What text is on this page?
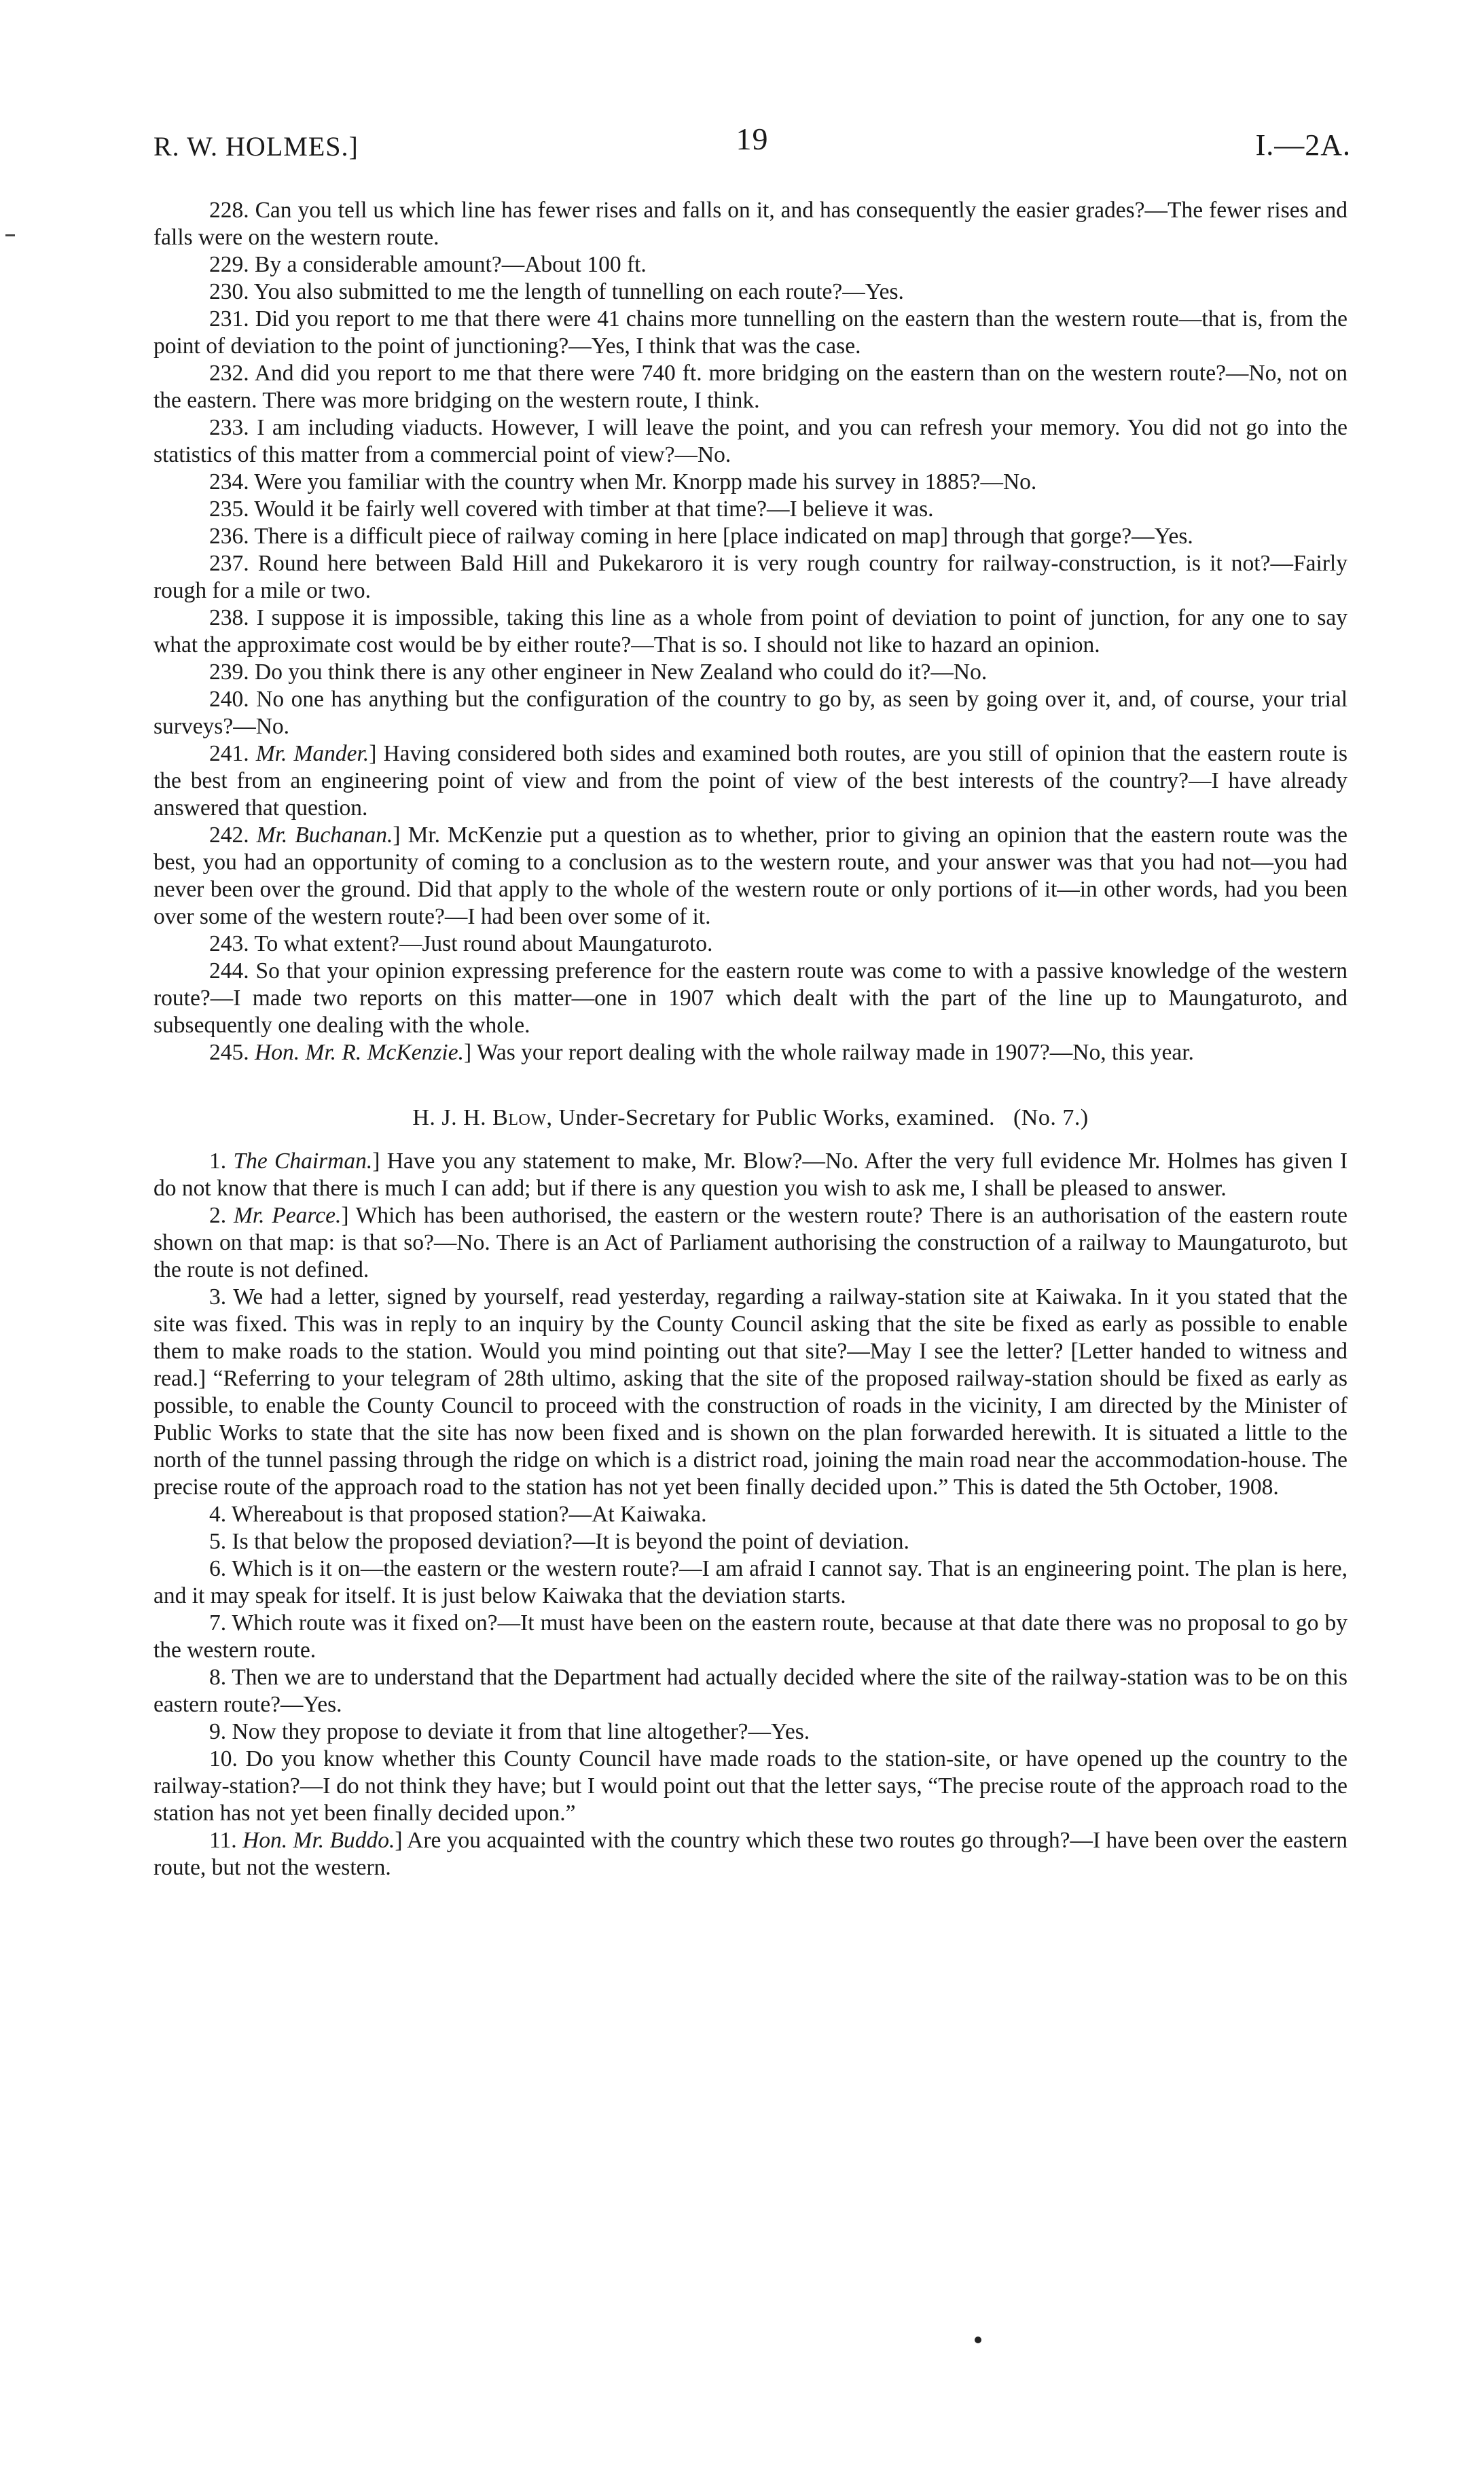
R. W. HOLMES.]	19	I.—2A.

228. Can you tell us which line has fewer rises and falls on it, and has consequently the easier grades?—The fewer rises and falls were on the western route.

229. By a considerable amount?—About 100 ft.

230. You also submitted to me the length of tunnelling on each route?—Yes.

231. Did you report to me that there were 41 chains more tunnelling on the eastern than the western route—that is, from the point of deviation to the point of junctioning?—Yes, I think that was the case.

232. And did you report to me that there were 740 ft. more bridging on the eastern than on the western route?—No, not on the eastern. There was more bridging on the western route, I think.

233. I am including viaducts. However, I will leave the point, and you can refresh your memory. You did not go into the statistics of this matter from a commercial point of view?—No.

234. Were you familiar with the country when Mr. Knorpp made his survey in 1885?—No.

235. Would it be fairly well covered with timber at that time?—I believe it was.

236. There is a difficult piece of railway coming in here [place indicated on map] through that gorge?—Yes.

237. Round here between Bald Hill and Pukekaroro it is very rough country for railway-construction, is it not?—Fairly rough for a mile or two.

238. I suppose it is impossible, taking this line as a whole from point of deviation to point of junction, for any one to say what the approximate cost would be by either route?—That is so. I should not like to hazard an opinion.

239. Do you think there is any other engineer in New Zealand who could do it?—No.

240. No one has anything but the configuration of the country to go by, as seen by going over it, and, of course, your trial surveys?—No.

241. Mr. Mander.] Having considered both sides and examined both routes, are you still of opinion that the eastern route is the best from an engineering point of view and from the point of view of the best interests of the country?—I have already answered that question.

242. Mr. Buchanan.] Mr. McKenzie put a question as to whether, prior to giving an opinion that the eastern route was the best, you had an opportunity of coming to a conclusion as to the western route, and your answer was that you had not—you had never been over the ground. Did that apply to the whole of the western route or only portions of it—in other words, had you been over some of the western route?—I had been over some of it.

243. To what extent?—Just round about Maungaturoto.

244. So that your opinion expressing preference for the eastern route was come to with a passive knowledge of the western route?—I made two reports on this matter—one in 1907 which dealt with the part of the line up to Maungaturoto, and subsequently one dealing with the whole.

245. Hon. Mr. R. McKenzie.] Was your report dealing with the whole railway made in 1907?—No, this year.

H. J. H. Blow, Under-Secretary for Public Works, examined. (No. 7.)

1. The Chairman.] Have you any statement to make, Mr. Blow?—No. After the very full evidence Mr. Holmes has given I do not know that there is much I can add; but if there is any question you wish to ask me, I shall be pleased to answer.

2. Mr. Pearce.] Which has been authorised, the eastern or the western route? There is an authorisation of the eastern route shown on that map: is that so?—No. There is an Act of Parliament authorising the construction of a railway to Maungaturoto, but the route is not defined.

3. We had a letter, signed by yourself, read yesterday, regarding a railway-station site at Kaiwaka. In it you stated that the site was fixed. This was in reply to an inquiry by the County Council asking that the site be fixed as early as possible to enable them to make roads to the station. Would you mind pointing out that site?—May I see the letter? [Letter handed to witness and read.] “Referring to your telegram of 28th ultimo, asking that the site of the proposed railway-station should be fixed as early as possible, to enable the County Council to proceed with the construction of roads in the vicinity, I am directed by the Minister of Public Works to state that the site has now been fixed and is shown on the plan forwarded herewith. It is situated a little to the north of the tunnel passing through the ridge on which is a district road, joining the main road near the accommodation-house. The precise route of the approach road to the station has not yet been finally decided upon.” This is dated the 5th October, 1908.

4. Whereabout is that proposed station?—At Kaiwaka.

5. Is that below the proposed deviation?—It is beyond the point of deviation.

6. Which is it on—the eastern or the western route?—I am afraid I cannot say. That is an engineering point. The plan is here, and it may speak for itself. It is just below Kaiwaka that the deviation starts.

7. Which route was it fixed on?—It must have been on the eastern route, because at that date there was no proposal to go by the western route.

8. Then we are to understand that the Department had actually decided where the site of the railway-station was to be on this eastern route?—Yes.

9. Now they propose to deviate it from that line altogether?—Yes.

10. Do you know whether this County Council have made roads to the station-site, or have opened up the country to the railway-station?—I do not think they have; but I would point out that the letter says, “The precise route of the approach road to the station has not yet been finally decided upon.”

11. Hon. Mr. Buddo.] Are you acquainted with the country which these two routes go through?—I have been over the eastern route, but not the western.
